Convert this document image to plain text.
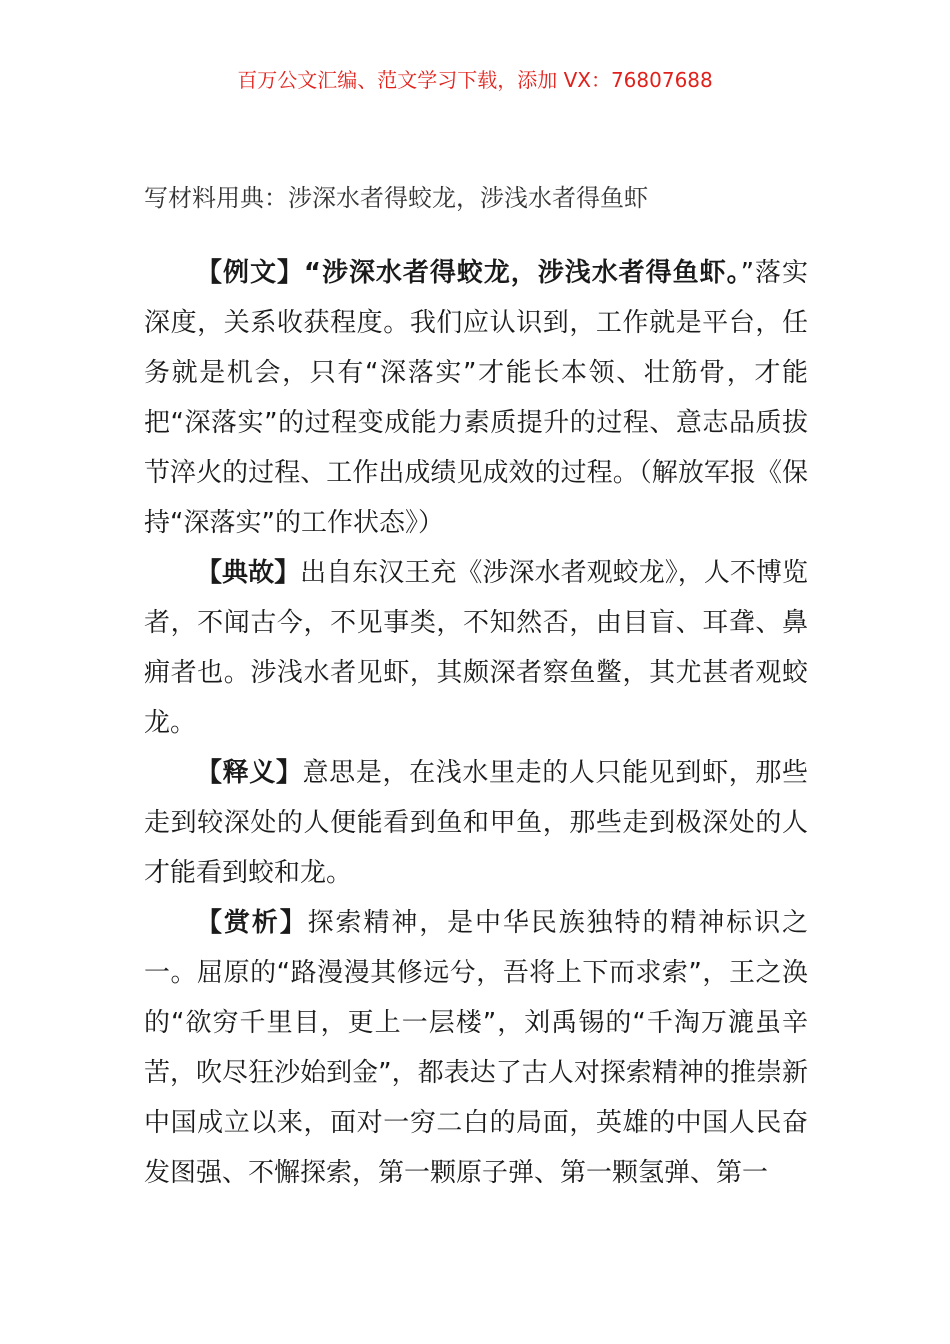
百万公文汇编、范文学习下载，添加 VX：76807688
写材料用典：涉深水者得蛟龙，涉浅水者得鱼虾

【例文】“涉深水者得蛟龙，涉浅水者得鱼虾。”落实深度，关系收获程度。我们应认识到，工作就是平台，任务就是机会，只有“深落实”才能长本领、壮筋骨，才能把“深落实”的过程变成能力素质提升的过程、意志品质拔节淬火的过程、工作出成绩见成效的过程。（解放军报《保持“深落实”的工作状态》）

【典故】出自东汉王充《涉深水者观蛟龙》，人不博览者，不闻古今，不见事类，不知然否，由目盲、耳聋、鼻痈者也。涉浅水者见虾，其颇深者察鱼鳖，其尤甚者观蛟龙。

【释义】意思是，在浅水里走的人只能见到虾，那些走到较深处的人便能看到鱼和甲鱼，那些走到极深处的人才能看到蛟和龙。

【赏析】探索精神，是中华民族独特的精神标识之一。屈原的“路漫漫其修远兮，吾将上下而求索”，王之涣的“欲穷千里目，更上一层楼”，刘禹锡的“千淘万漉虽辛苦，吹尽狂沙始到金”，都表达了古人对探索精神的推崇新中国成立以来，面对一穷二白的局面，英雄的中国人民奋发图强、不懈探索，第一颗原子弹、第一颗氢弹、第一
